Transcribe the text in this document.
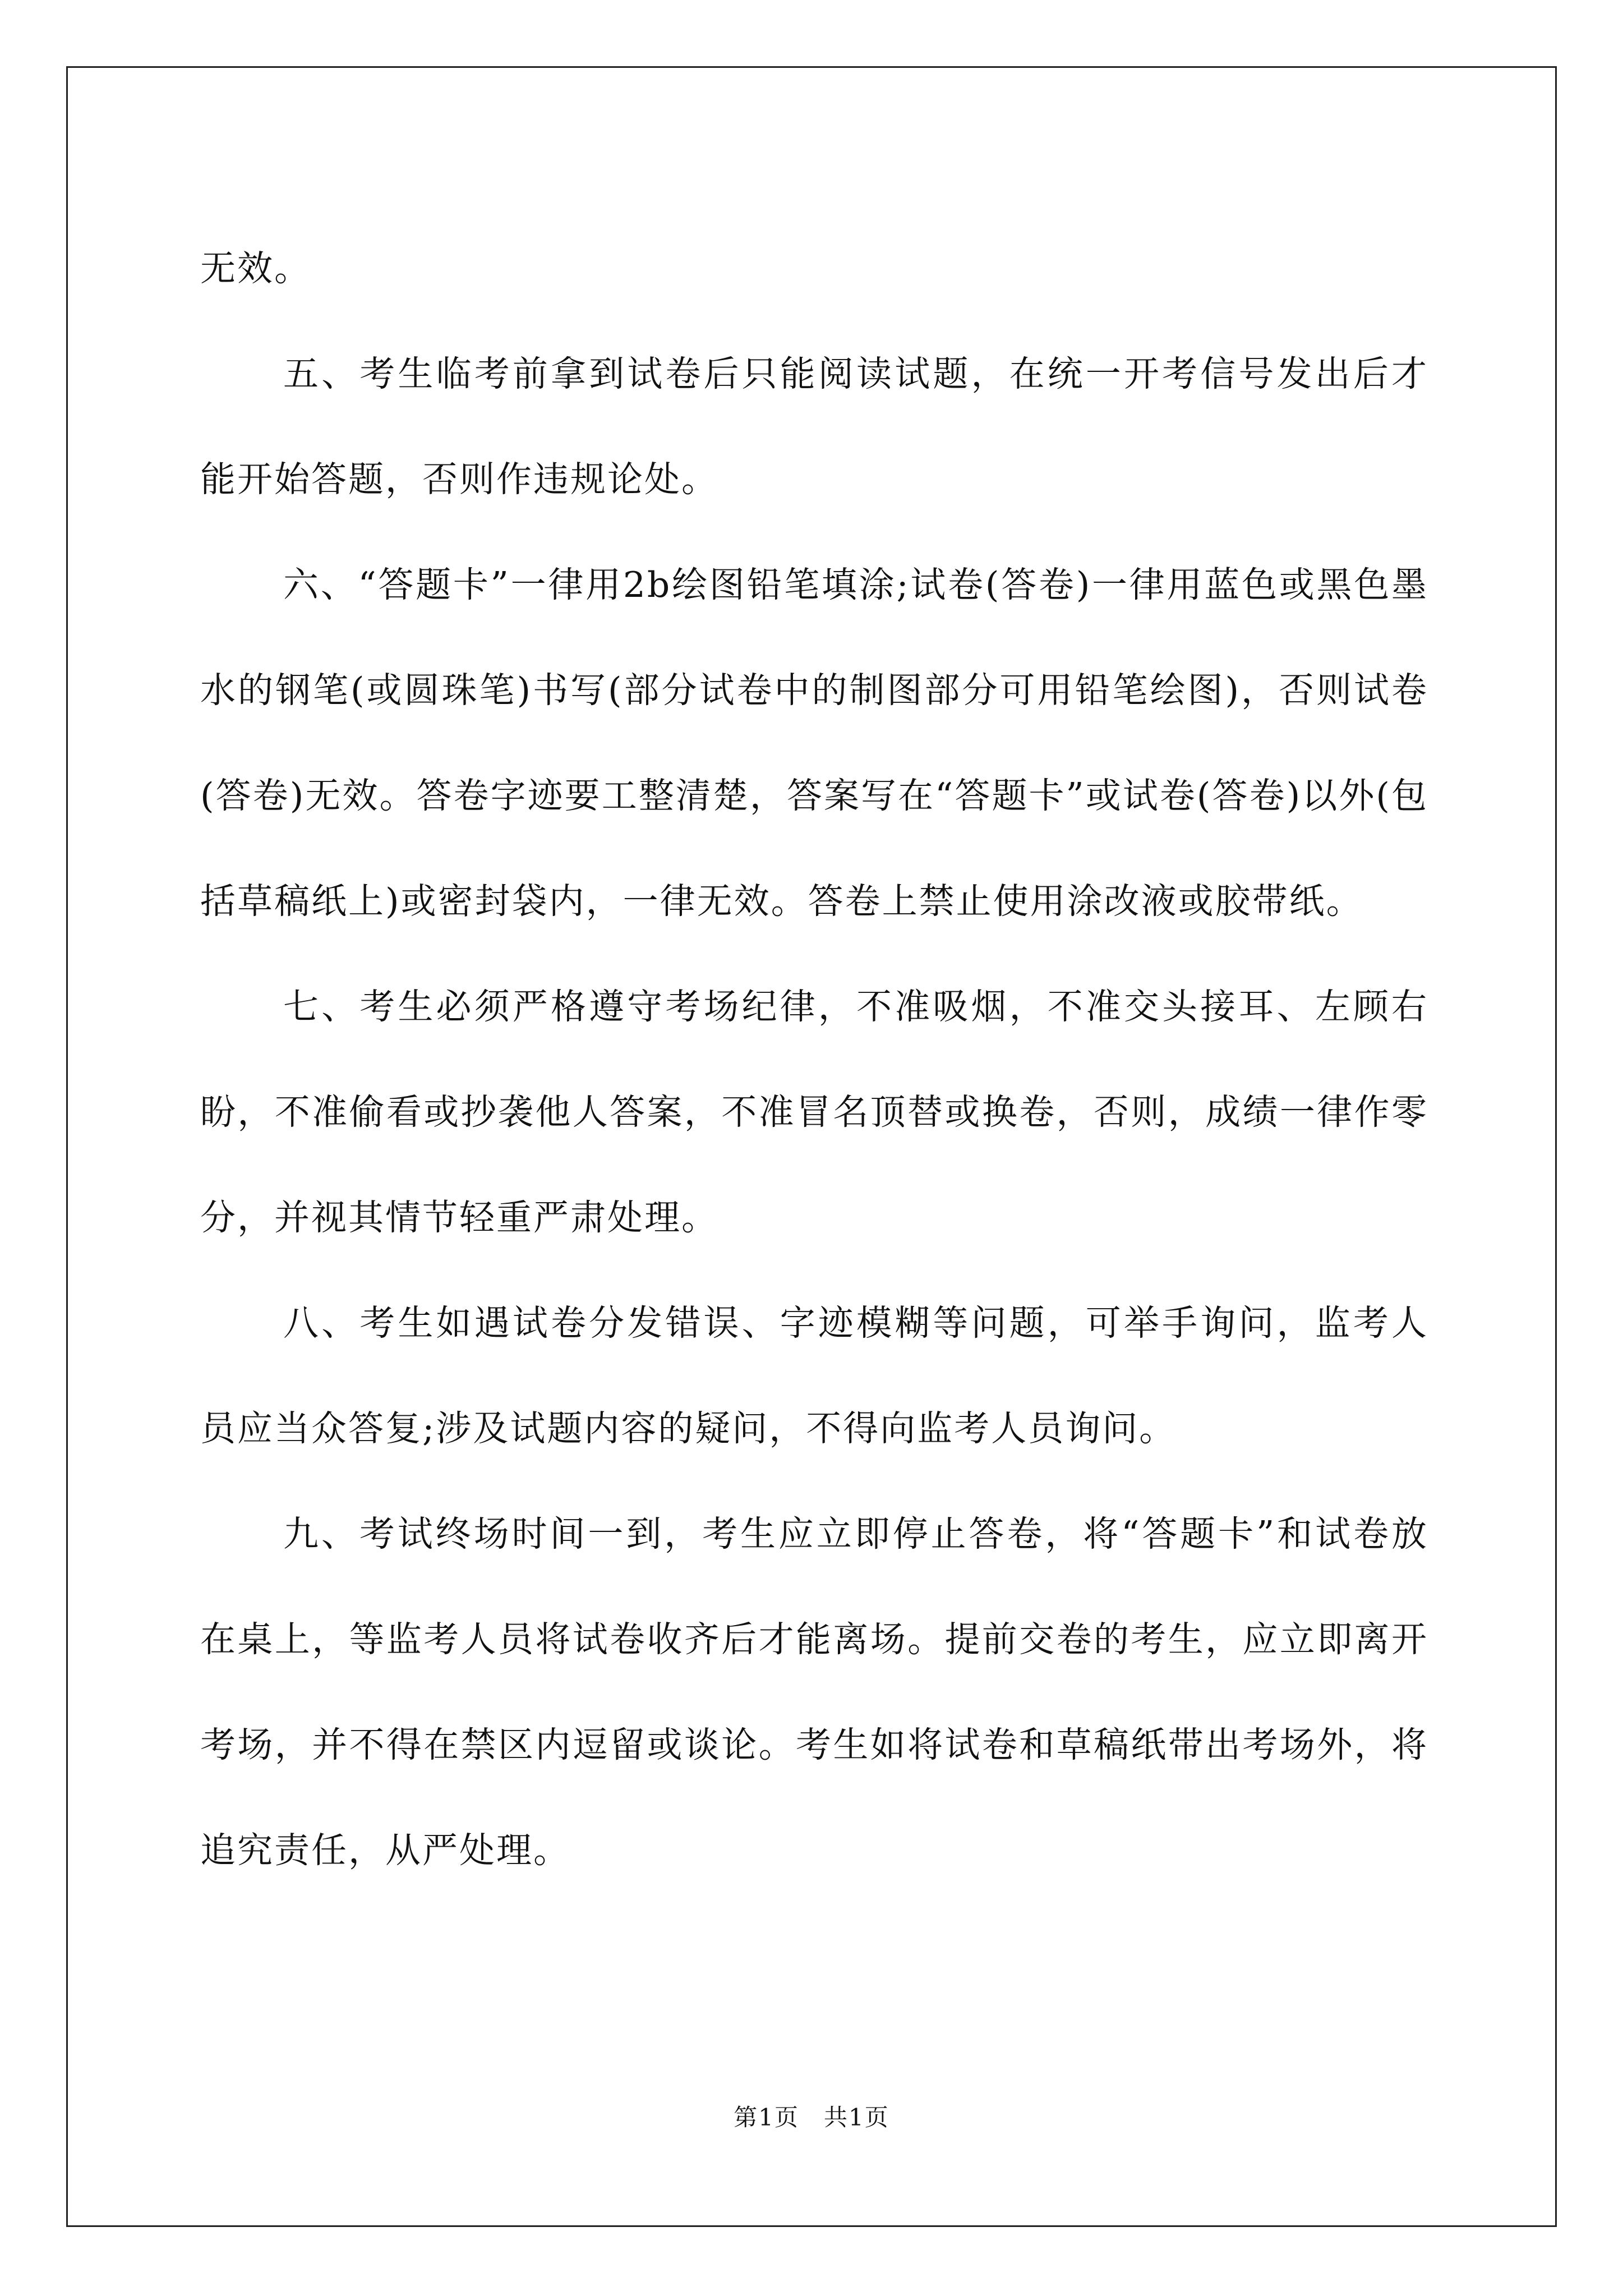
无效。

五、考生临考前拿到试卷后只能阅读试题，在统一开考信号发出后才能开始答题，否则作违规论处。

六、“答题卡”一律用2b绘图铅笔填涂;试卷(答卷)一律用蓝色或黑色墨水的钢笔(或圆珠笔)书写(部分试卷中的制图部分可用铅笔绘图)，否则试卷(答卷)无效。答卷字迹要工整清楚，答案写在“答题卡”或试卷(答卷)以外(包括草稿纸上)或密封袋内，一律无效。答卷上禁止使用涂改液或胶带纸。

七、考生必须严格遵守考场纪律，不准吸烟，不准交头接耳、左顾右盼，不准偷看或抄袭他人答案，不准冒名顶替或换卷，否则，成绩一律作零分，并视其情节轻重严肃处理。

八、考生如遇试卷分发错误、字迹模糊等问题，可举手询问，监考人员应当众答复;涉及试题内容的疑问，不得向监考人员询问。

九、考试终场时间一到，考生应立即停止答卷，将“答题卡”和试卷放在桌上，等监考人员将试卷收齐后才能离场。提前交卷的考生，应立即离开考场，并不得在禁区内逗留或谈论。考生如将试卷和草稿纸带出考场外，将追究责任，从严处理。

第1页　共1页
